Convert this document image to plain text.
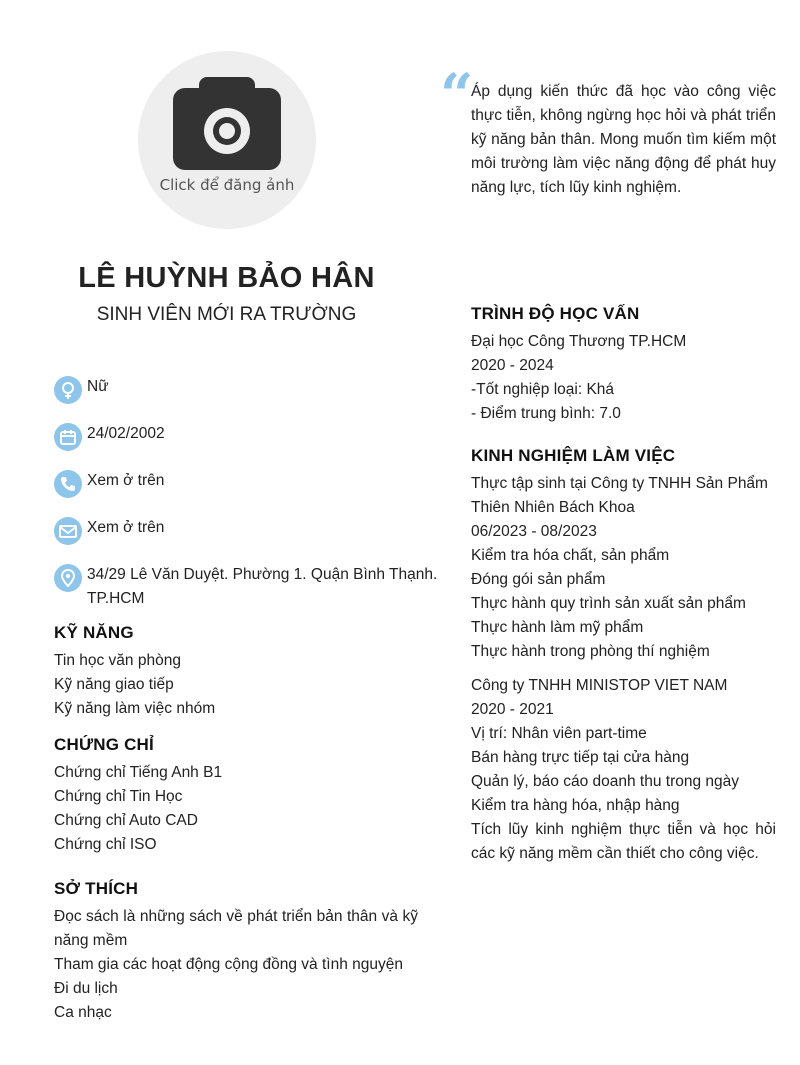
Click để đăng ảnh
LÊ HUỲNH BẢO HÂN
SINH VIÊN MỚI RA TRƯỜNG
“
Áp dụng kiến thức đã học vào công việc thực tiễn, không ngừng học hỏi và phát triển kỹ năng bản thân. Mong muốn tìm kiếm một môi trường làm việc năng động để phát huy năng lực, tích lũy kinh nghiệm.
Nữ
24/02/2002
Xem ở trên
Xem ở trên
34/29 Lê Văn Duyệt. Phường 1. Quận Bình Thạnh. TP.HCM
KỸ NĂNG
Tin học văn phòng
Kỹ năng giao tiếp
Kỹ năng làm việc nhóm
CHỨNG CHỈ
Chứng chỉ Tiếng Anh B1
Chứng chỉ Tin Học
Chứng chỉ Auto CAD
Chứng chỉ ISO
SỞ THÍCH
Đọc sách là những sách về phát triển bản thân và kỹ năng mềm
Tham gia các hoạt động cộng đồng và tình nguyện
Đi du lịch
Ca nhạc
TRÌNH ĐỘ HỌC VẤN
Đại học Công Thương TP.HCM
2020 - 2024
-Tốt nghiệp loại: Khá
- Điểm trung bình: 7.0
KINH NGHIỆM LÀM VIỆC
Thực tập sinh tại Công ty TNHH Sản Phẩm Thiên Nhiên Bách Khoa
06/2023 - 08/2023
Kiểm tra hóa chất, sản phẩm
Đóng gói sản phẩm
Thực hành quy trình sản xuất sản phẩm
Thực hành làm mỹ phẩm
Thực hành trong phòng thí nghiệm
Công ty TNHH MINISTOP VIET NAM
2020 - 2021
Vị trí: Nhân viên part-time
Bán hàng trực tiếp tại cửa hàng
Quản lý, báo cáo doanh thu trong ngày
Kiểm tra hàng hóa, nhập hàng
Tích lũy kinh nghiệm thực tiễn và học hỏi các kỹ năng mềm cần thiết cho công việc.
